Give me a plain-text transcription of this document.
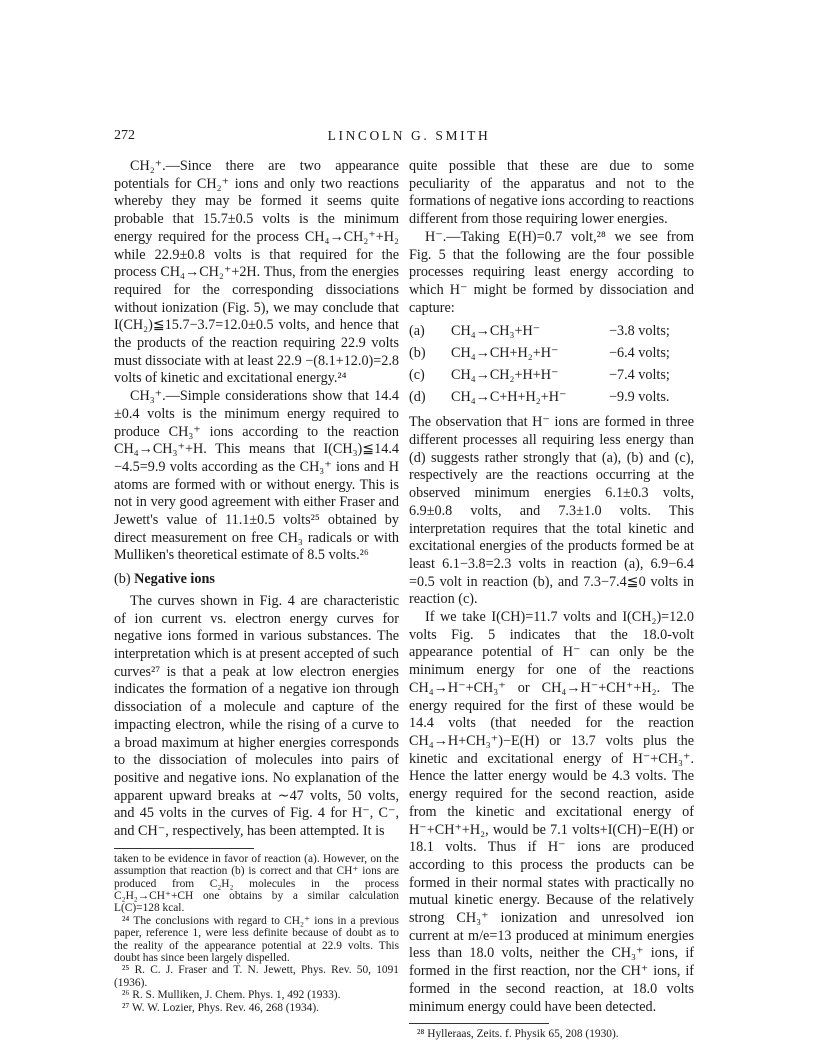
272	LINCOLN G. SMITH

CH₂⁺.—Since there are two appearance potentials for CH₂⁺ ions and only two reactions whereby they may be formed it seems quite probable that 15.7±0.5 volts is the minimum energy required for the process CH₄→CH₂⁺+H₂ while 22.9±0.8 volts is that required for the process CH₄→CH₂⁺+2H. Thus, from the energies required for the corresponding dissociations without ionization (Fig. 5), we may conclude that I(CH₂)≦15.7−3.7=12.0±0.5 volts, and hence that the products of the reaction requiring 22.9 volts must dissociate with at least 22.9 −(8.1+12.0)=2.8 volts of kinetic and excitational energy.²⁴

CH₃⁺.—Simple considerations show that 14.4 ±0.4 volts is the minimum energy required to produce CH₃⁺ ions according to the reaction CH₄→CH₃⁺+H. This means that I(CH₃)≦14.4 −4.5=9.9 volts according as the CH₃⁺ ions and H atoms are formed with or without energy. This is not in very good agreement with either Fraser and Jewett's value of 11.1±0.5 volts²⁵ obtained by direct measurement on free CH₃ radicals or with Mulliken's theoretical estimate of 8.5 volts.²⁶

(b) Negative ions

The curves shown in Fig. 4 are characteristic of ion current vs. electron energy curves for negative ions formed in various substances. The interpretation which is at present accepted of such curves²⁷ is that a peak at low electron energies indicates the formation of a negative ion through dissociation of a molecule and capture of the impacting electron, while the rising of a curve to a broad maximum at higher energies corresponds to the dissociation of molecules into pairs of positive and negative ions. No explanation of the apparent upward breaks at ∼47 volts, 50 volts, and 45 volts in the curves of Fig. 4 for H⁻, C⁻, and CH⁻, respectively, has been attempted. It is

taken to be evidence in favor of reaction (a). However, on the assumption that reaction (b) is correct and that CH⁺ ions are produced from C₂H₂ molecules in the process C₂H₂→CH⁺+CH one obtains by a similar calculation L(C)=128 kcal.

²⁴ The conclusions with regard to CH₂⁺ ions in a previous paper, reference 1, were less definite because of doubt as to the reality of the appearance potential at 22.9 volts. This doubt has since been largely dispelled.

²⁵ R. C. J. Fraser and T. N. Jewett, Phys. Rev. 50, 1091 (1936).

²⁶ R. S. Mulliken, J. Chem. Phys. 1, 492 (1933).

²⁷ W. W. Lozier, Phys. Rev. 46, 268 (1934).

quite possible that these are due to some peculiarity of the apparatus and not to the formations of negative ions according to reactions different from those requiring lower energies.

H⁻.—Taking E(H)=0.7 volt,²⁸ we see from Fig. 5 that the following are the four possible processes requiring least energy according to which H⁻ might be formed by dissociation and capture:

(a)	CH₄→CH₃+H⁻	−3.8 volts;
(b)	CH₄→CH+H₂+H⁻	−6.4 volts;
(c)	CH₄→CH₂+H+H⁻	−7.4 volts;
(d)	CH₄→C+H+H₂+H⁻	−9.9 volts.

The observation that H⁻ ions are formed in three different processes all requiring less energy than (d) suggests rather strongly that (a), (b) and (c), respectively are the reactions occurring at the observed minimum energies 6.1±0.3 volts, 6.9±0.8 volts, and 7.3±1.0 volts. This interpretation requires that the total kinetic and excitational energies of the products formed be at least 6.1−3.8=2.3 volts in reaction (a), 6.9−6.4 =0.5 volt in reaction (b), and 7.3−7.4≦0 volts in reaction (c).

If we take I(CH)=11.7 volts and I(CH₂)=12.0 volts Fig. 5 indicates that the 18.0-volt appearance potential of H⁻ can only be the minimum energy for one of the reactions CH₄→H⁻+CH₃⁺ or CH₄→H⁻+CH⁺+H₂. The energy required for the first of these would be 14.4 volts (that needed for the reaction CH₄→H+CH₃⁺)−E(H) or 13.7 volts plus the kinetic and excitational energy of H⁻+CH₃⁺. Hence the latter energy would be 4.3 volts. The energy required for the second reaction, aside from the kinetic and excitational energy of H⁻+CH⁺+H₂, would be 7.1 volts+I(CH)−E(H) or 18.1 volts. Thus if H⁻ ions are produced according to this process the products can be formed in their normal states with practically no mutual kinetic energy. Because of the relatively strong CH₃⁺ ionization and unresolved ion current at m/e=13 produced at minimum energies less than 18.0 volts, neither the CH₃⁺ ions, if formed in the first reaction, nor the CH⁺ ions, if formed in the second reaction, at 18.0 volts minimum energy could have been detected.

²⁸ Hylleraas, Zeits. f. Physik 65, 208 (1930).
